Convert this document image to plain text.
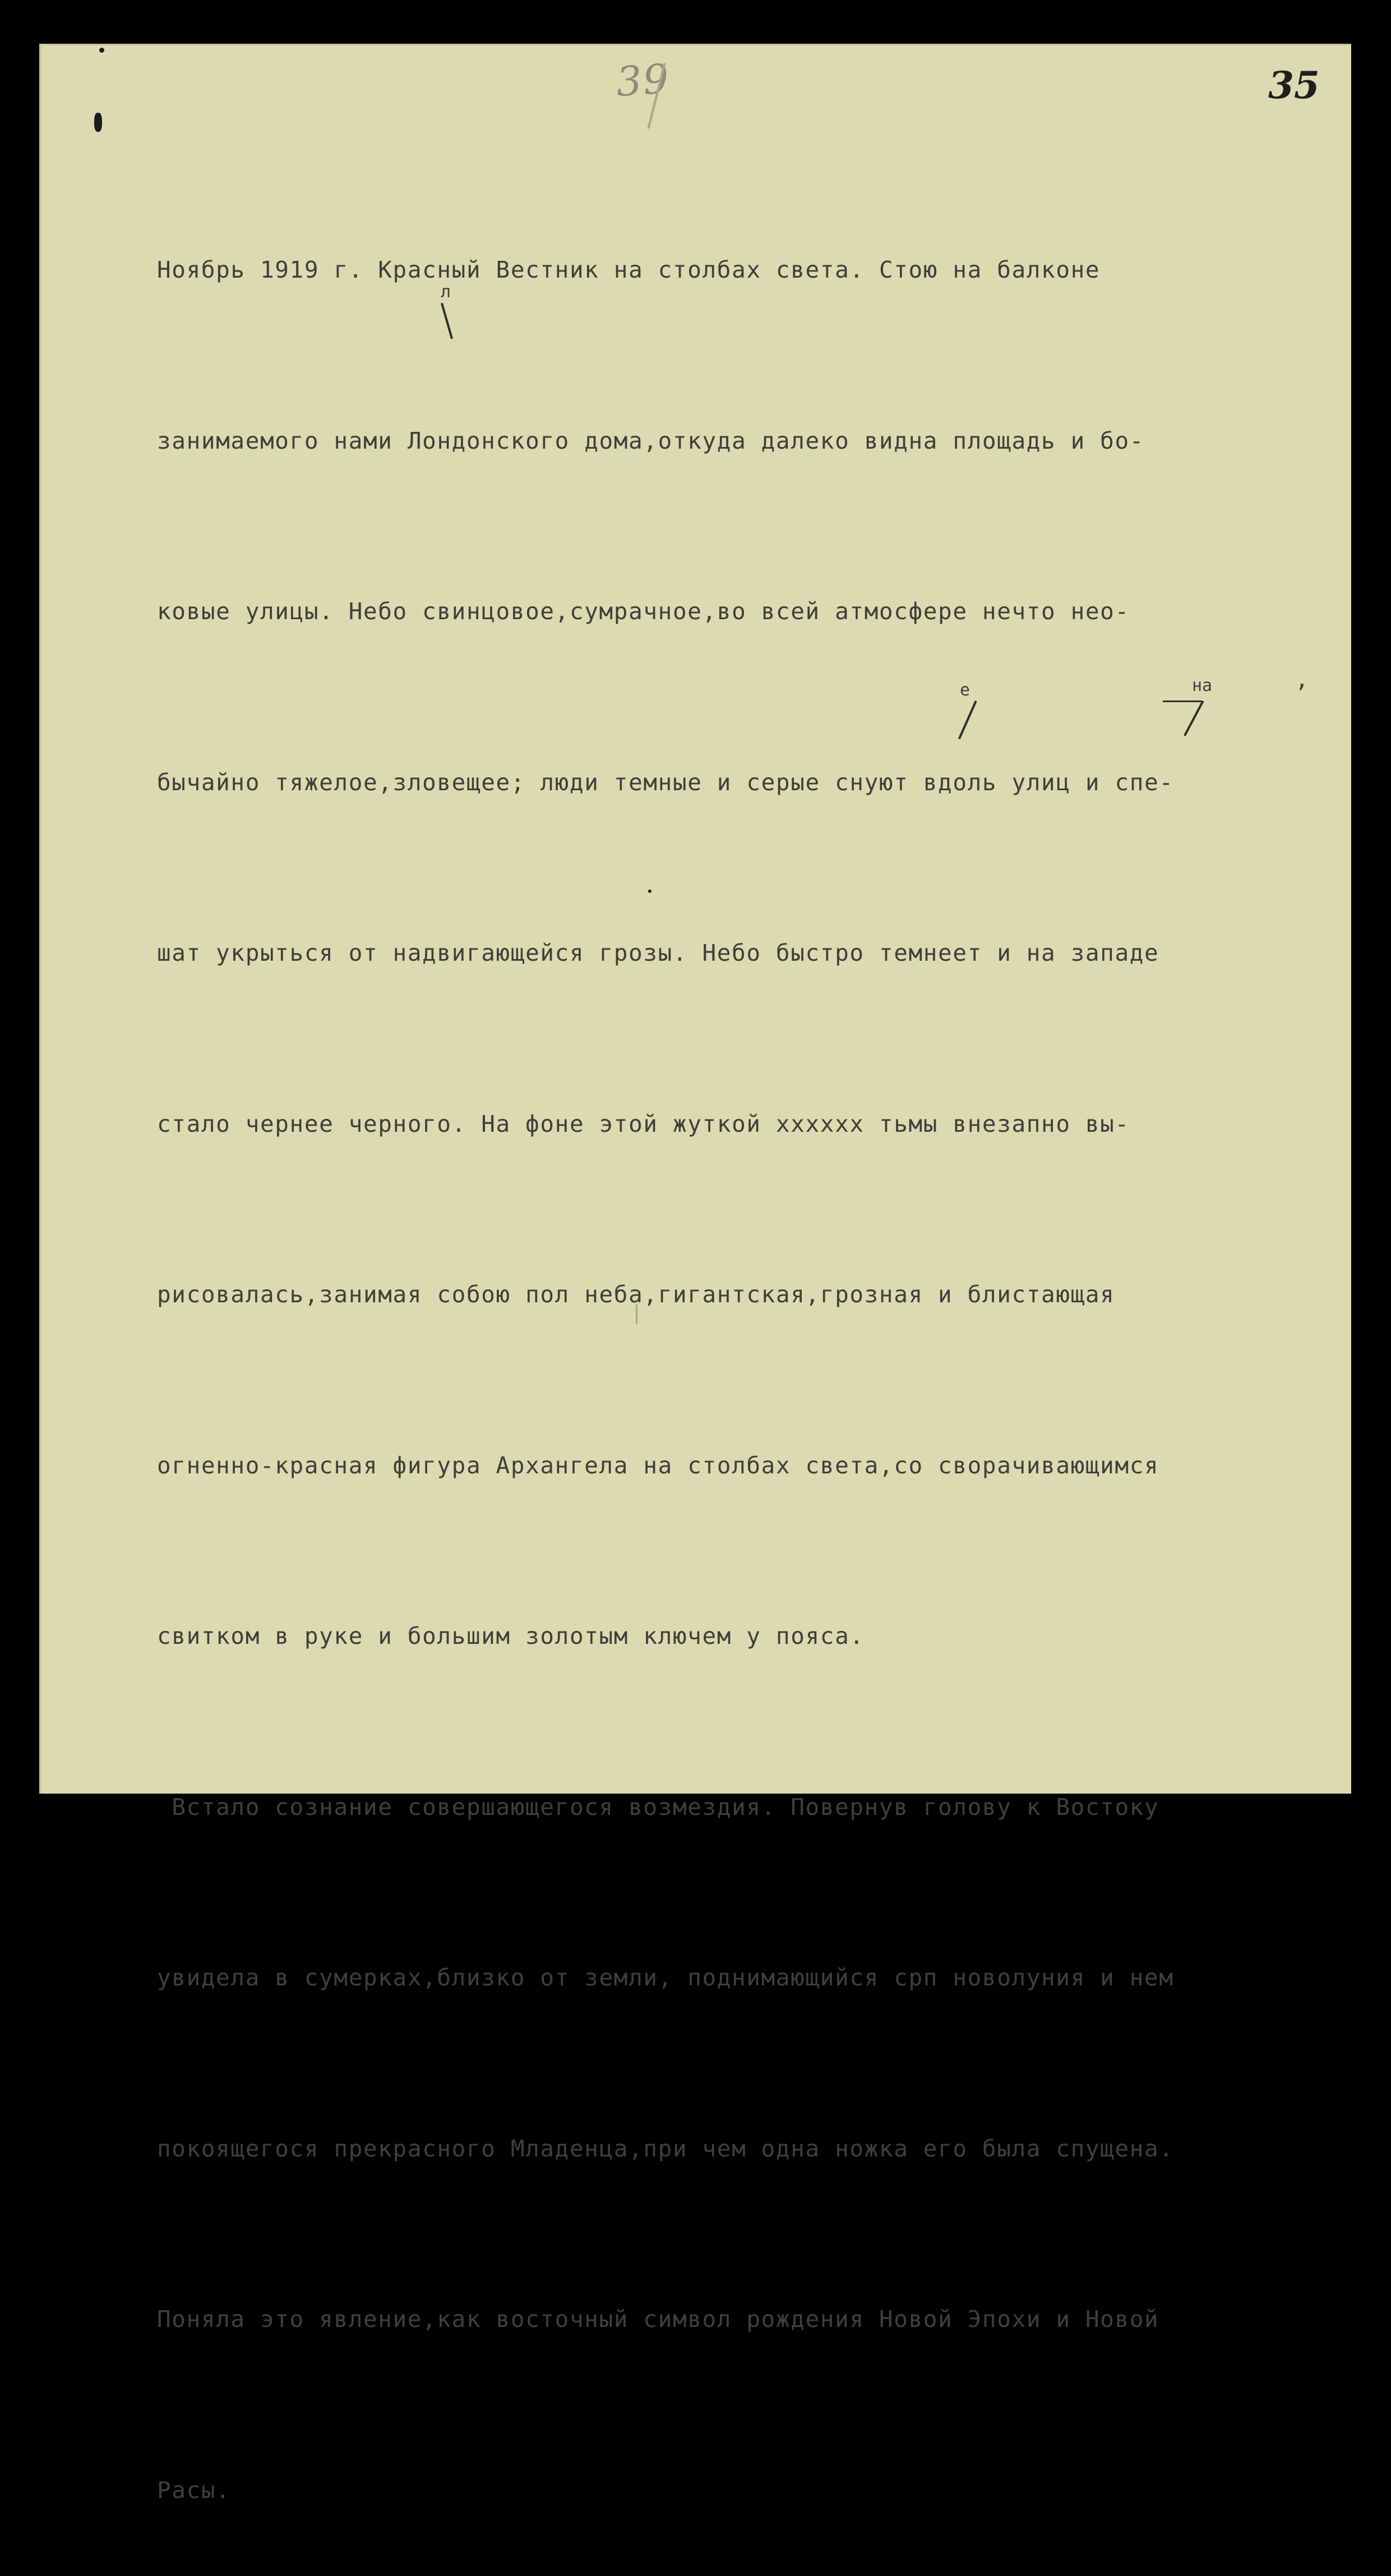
39	35
л
е	на	,

Ноябрь 1919 г. Красный Вестник на столбах света. Стою на балконе

занимаемого нами Лондонского дома,откуда далеко видна площадь и бо-

ковые улицы. Небо свинцовое,сумрачное,во всей атмосфере нечто нео-

бычайно тяжелое,зловещее; люди темные и серые снуют вдоль улиц и спе-

шат укрыться от надвигающейся грозы. Небо быстро темнеет и на западе

стало чернее черного. На фоне этой жуткой хххххх тьмы внезапно вы-

рисовалась,занимая собою пол неба,гигантская,грозная и блистающая

огненно-красная фигура Архангела на столбах света,со сворачивающимся

свитком в руке и большим золотым ключем у пояса.

Встало сознание совершающегося возмездия. Повернув голову к Востоку

увидела в сумерках,близко от земли, поднимающийся срп новолуния и нем

покоящегося прекрасного Младенца,при чем одна ножка его была спущена.

Поняла это явление,как восточный символ рождения Новой Эпохи и Новой

Расы.
